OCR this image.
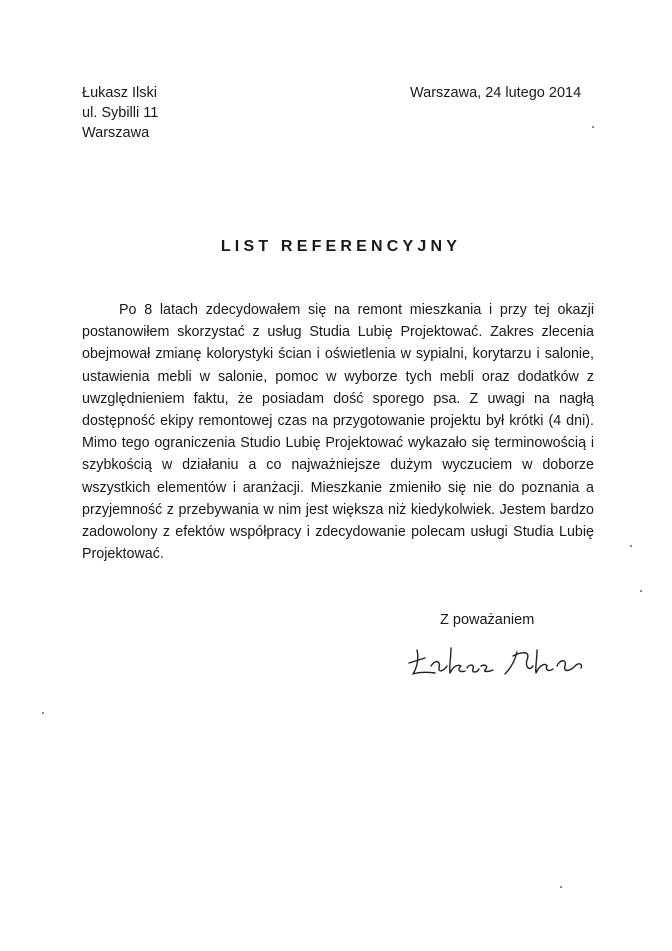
Łukasz Ilski
ul. Sybilli 11
Warszawa
Warszawa, 24 lutego 2014
LIST REFERENCYJNY

Po 8 latach zdecydowałem się na remont mieszkania i przy tej okazji postanowiłem skorzystać z usług Studia Lubię Projektować. Zakres zlecenia obejmował zmianę kolorystyki ścian i oświetlenia w sypialni, korytarzu i salonie, ustawienia mebli w salonie, pomoc w wyborze tych mebli oraz dodatków z uwzględnieniem faktu, że posiadam dość sporego psa. Z uwagi na nagłą dostępność ekipy remontowej czas na przygotowanie projektu był krótki (4 dni). Mimo tego ograniczenia Studio Lubię Projektować wykazało się terminowością i szybkością w działaniu a co najważniejsze dużym wyczuciem w doborze wszystkich elementów i aranżacji. Mieszkanie zmieniło się nie do poznania a przyjemność z przebywania w nim jest większa niż kiedykolwiek. Jestem bardzo zadowolony z efektów współpracy i zdecydowanie polecam usługi Studia Lubię Projektować.

Z poważaniem
